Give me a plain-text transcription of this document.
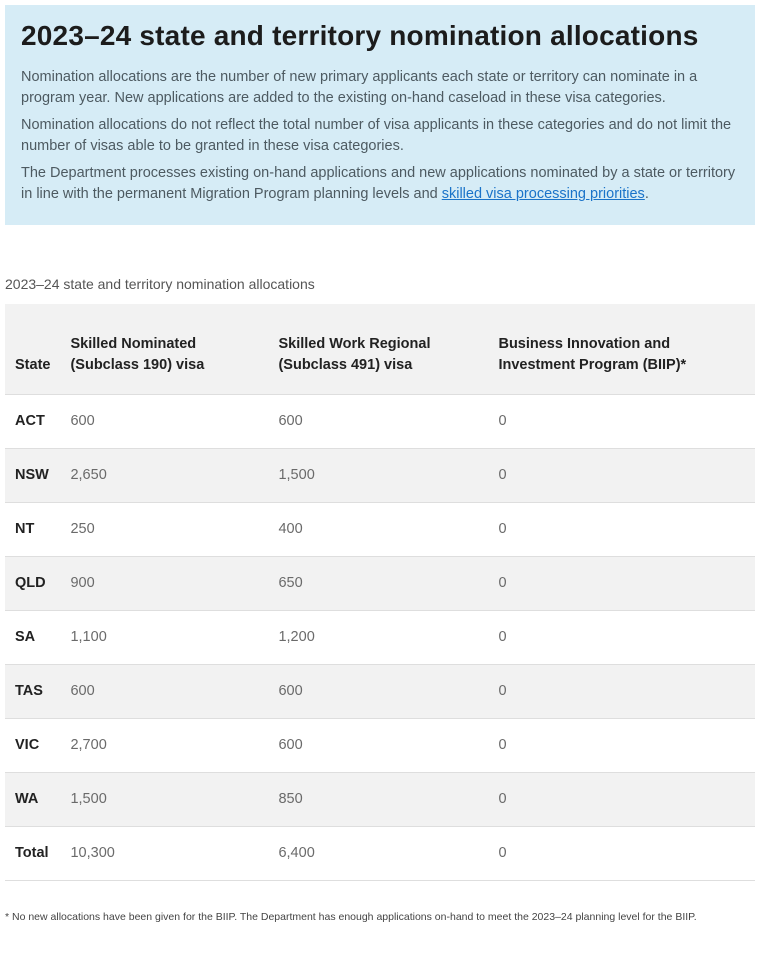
2023–24 state and territory nomination allocations

Nomination allocations are the number of new primary applicants each state or territory can nominate in a program year. New applications are added to the existing on-hand caseload in these visa categories.

Nomination allocations do not reflect the total number of visa applicants in these categories and do not limit the number of visas able to be granted in these visa categories.

The Department processes existing on-hand applications and new applications nominated by a state or territory in line with the permanent Migration Program planning levels and skilled visa processing priorities.

2023–24 state and territory nomination allocations
State	Skilled Nominated (Subclass 190) visa	Skilled Work Regional (Subclass 491) visa	Business Innovation and Investment Program (BIIP)*
ACT	600	600	0
NSW	2,650	1,500	0
NT	250	400	0
QLD	900	650	0
SA	1,100	1,200	0
TAS	600	600	0
VIC	2,700	600	0
WA	1,500	850	0
Total	10,300	6,400	0
* No new allocations have been given for the BIIP. The Department has enough applications on-hand to meet the 2023–24 planning level for the BIIP.
